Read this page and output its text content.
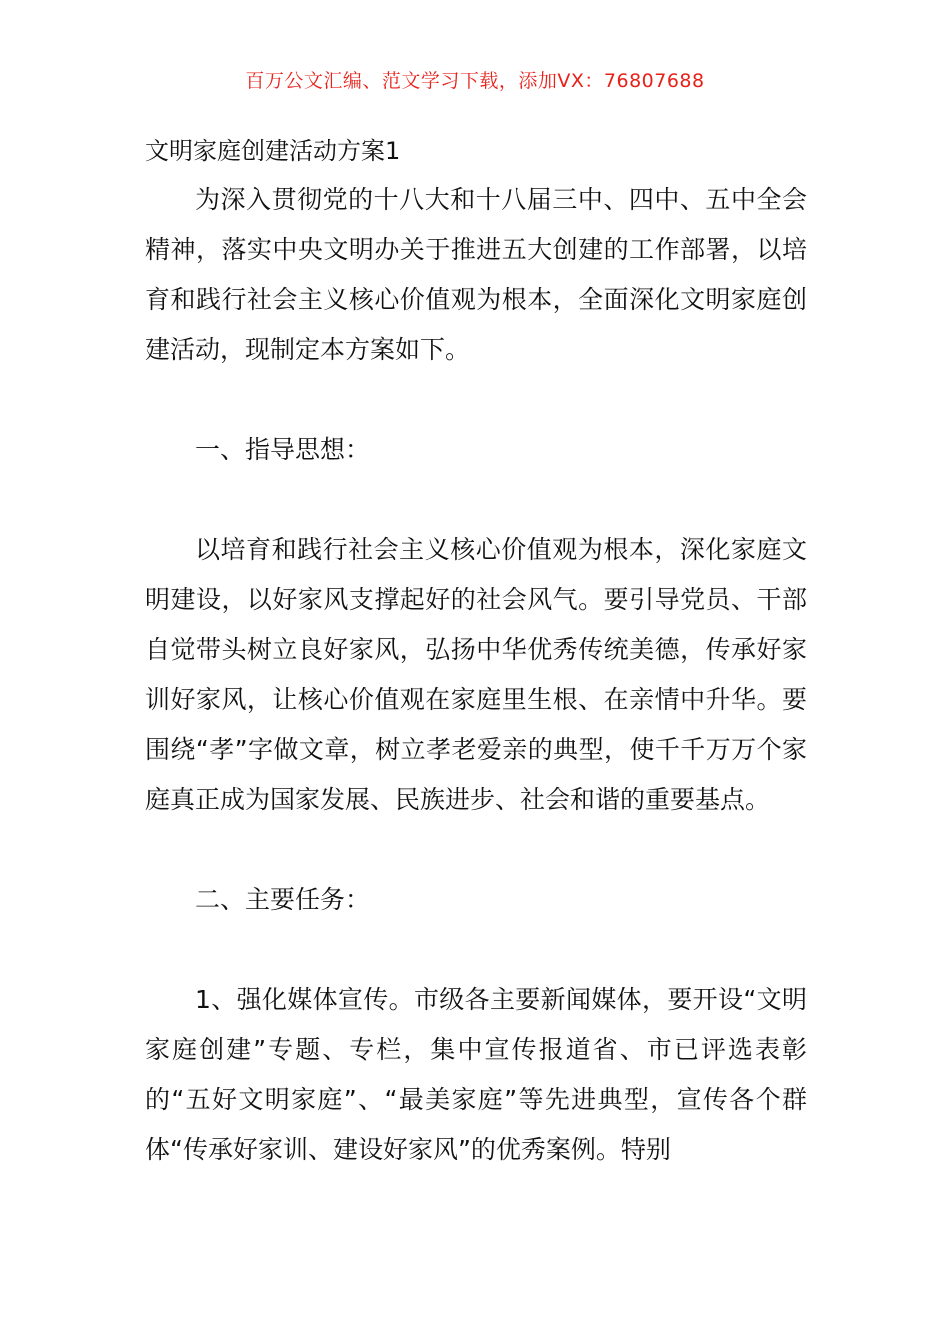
百万公文汇编、范文学习下载，添加VX：76807688
文明家庭创建活动方案1

为深入贯彻党的十八大和十八届三中、四中、五中全会精神，落实中央文明办关于推进五大创建的工作部署，以培育和践行社会主义核心价值观为根本，全面深化文明家庭创建活动，现制定本方案如下。

一、指导思想：

以培育和践行社会主义核心价值观为根本，深化家庭文明建设，以好家风支撑起好的社会风气。要引导党员、干部自觉带头树立良好家风，弘扬中华优秀传统美德，传承好家训好家风，让核心价值观在家庭里生根、在亲情中升华。要围绕“孝”字做文章，树立孝老爱亲的典型，使千千万万个家庭真正成为国家发展、民族进步、社会和谐的重要基点。

二、主要任务：

1、强化媒体宣传。市级各主要新闻媒体，要开设“文明家庭创建”专题、专栏，集中宣传报道省、市已评选表彰的“五好文明家庭”、“最美家庭”等先进典型，宣传各个群体“传承好家训、建设好家风”的优秀案例。特别
